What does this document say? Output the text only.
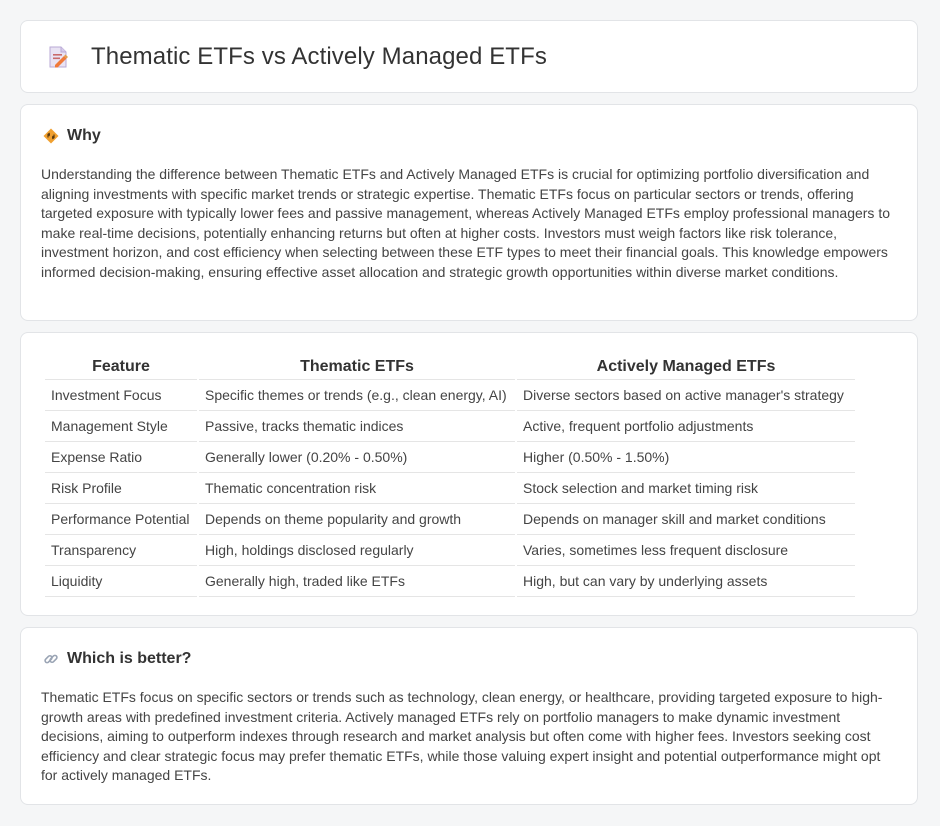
Thematic ETFs vs Actively Managed ETFs
Why

Understanding the difference between Thematic ETFs and Actively Managed ETFs is crucial for optimizing portfolio diversification and aligning investments with specific market trends or strategic expertise. Thematic ETFs focus on particular sectors or trends, offering targeted exposure with typically lower fees and passive management, whereas Actively Managed ETFs employ professional managers to make real-time decisions, potentially enhancing returns but often at higher costs. Investors must weigh factors like risk tolerance, investment horizon, and cost efficiency when selecting between these ETF types to meet their financial goals. This knowledge empowers informed decision-making, ensuring effective asset allocation and strategic growth opportunities within diverse market conditions.

Feature	Thematic ETFs	Actively Managed ETFs
Investment Focus	Specific themes or trends (e.g., clean energy, AI)	Diverse sectors based on active manager's strategy
Management Style	Passive, tracks thematic indices	Active, frequent portfolio adjustments
Expense Ratio	Generally lower (0.20% - 0.50%)	Higher (0.50% - 1.50%)
Risk Profile	Thematic concentration risk	Stock selection and market timing risk
Performance Potential	Depends on theme popularity and growth	Depends on manager skill and market conditions
Transparency	High, holdings disclosed regularly	Varies, sometimes less frequent disclosure
Liquidity	Generally high, traded like ETFs	High, but can vary by underlying assets
Which is better?

Thematic ETFs focus on specific sectors or trends such as technology, clean energy, or healthcare, providing targeted exposure to high-growth areas with predefined investment criteria. Actively managed ETFs rely on portfolio managers to make dynamic investment decisions, aiming to outperform indexes through research and market analysis but often come with higher fees. Investors seeking cost efficiency and clear strategic focus may prefer thematic ETFs, while those valuing expert insight and potential outperformance might opt for actively managed ETFs.
